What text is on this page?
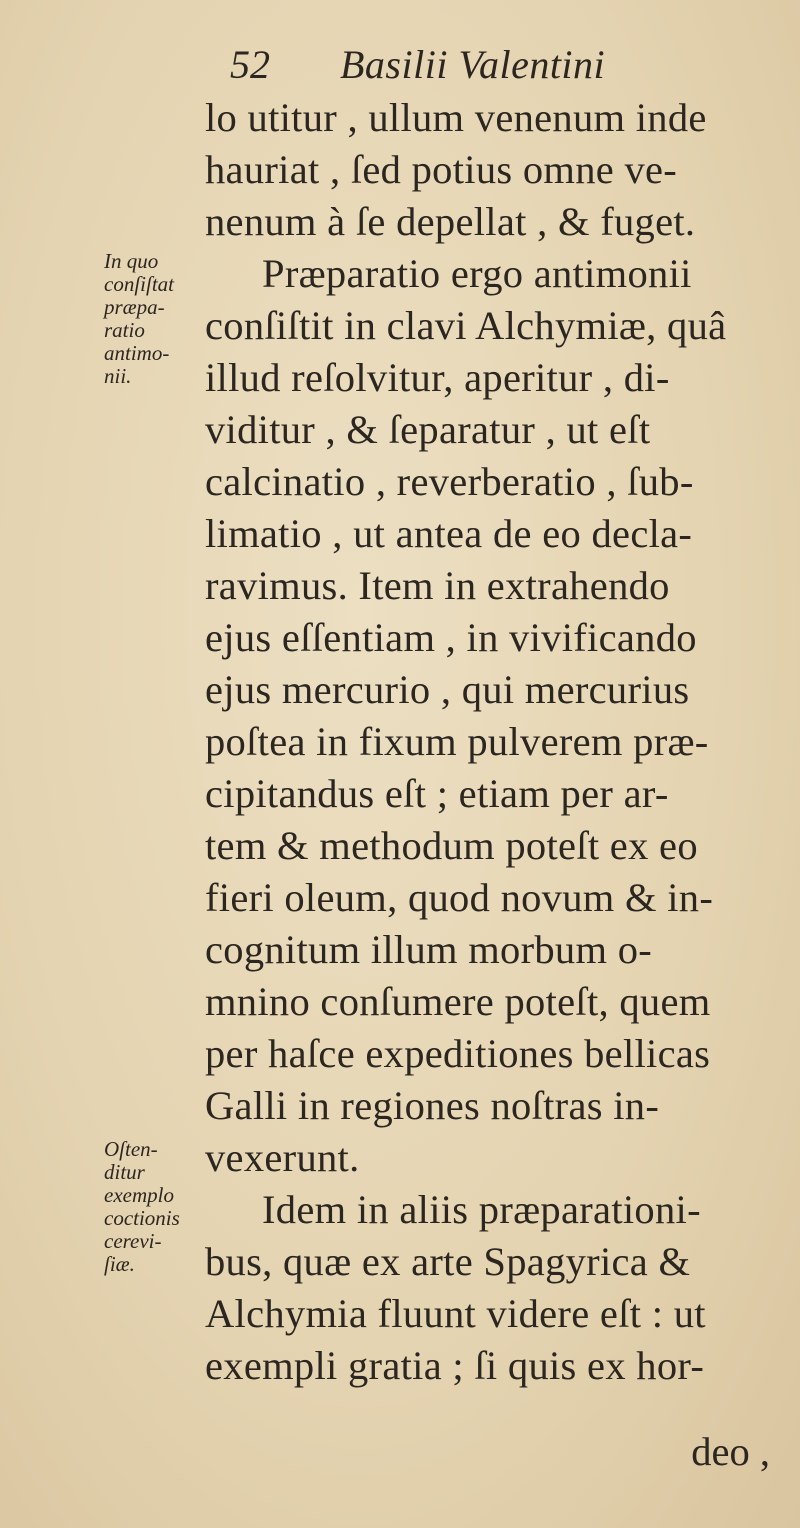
52 Basilii Valentini
In quo
conſiſtat
præpa-
ratio
antimo-
nii.
Oſten-
ditur
exemplo
coctionis
cerevi-
ſiæ.
lo utitur , ullum venenum inde
hauriat , ſed potius omne ve-
nenum à ſe depellat , & fuget.
Præparatio ergo antimonii
conſiſtit in clavi Alchymiæ, quâ
illud reſolvitur, aperitur , di-
viditur , & ſeparatur , ut eſt
calcinatio , reverberatio , ſub-
limatio , ut antea de eo decla-
ravimus. Item in extrahendo
ejus eſſentiam , in vivificando
ejus mercurio , qui mercurius
poſtea in fixum pulverem præ-
cipitandus eſt ; etiam per ar-
tem & methodum poteſt ex eo
fieri oleum, quod novum & in-
cognitum illum morbum o-
mnino conſumere poteſt, quem
per haſce expeditiones bellicas
Galli in regiones noſtras in-
vexerunt.
Idem in aliis præparationi-
bus, quæ ex arte Spagyrica &
Alchymia fluunt videre eſt : ut
exempli gratia ; ſi quis ex hor-
deo ,
